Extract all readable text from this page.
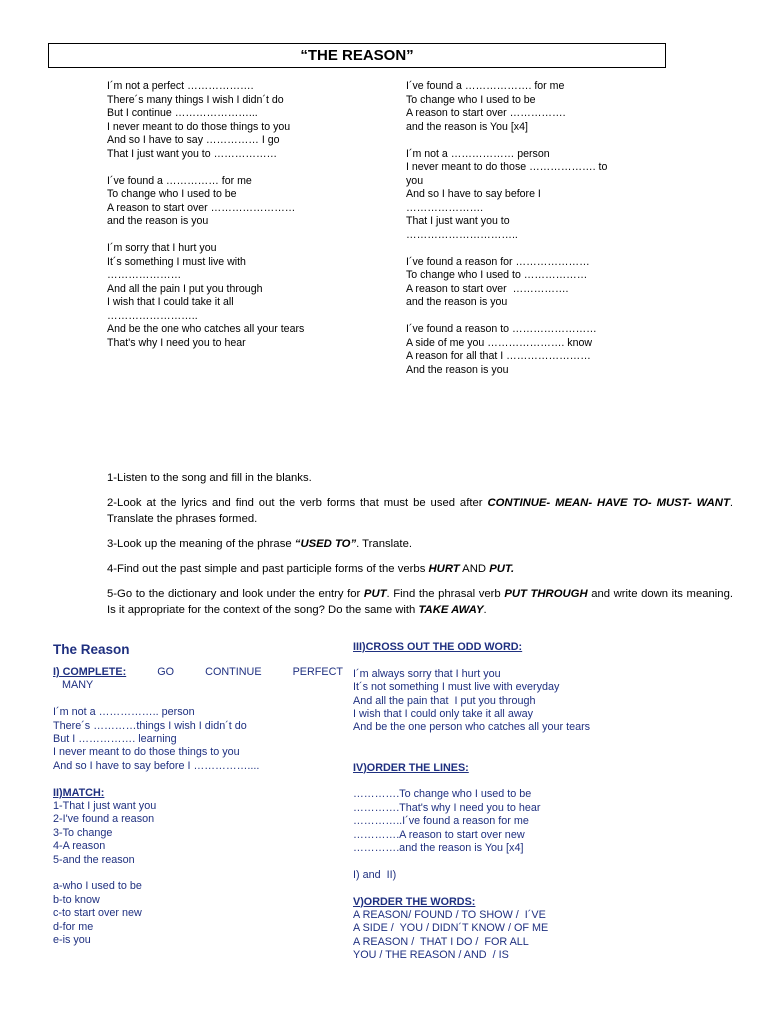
“THE REASON”
I´m not a perfect ……………….
There´s many things I wish I didn´t do
But I continue …………………...
I never meant to do those things to you
And so I have to say …………… I go
That I just want you to ………………
I´ve found a …………… for me
To change who I used to be
A reason to start over ……………………
and the reason is you
I´m sorry that I hurt you
It´s something I must live with
…………………
And all the pain I put you through
I wish that I could take it all
……………………..
And be the one who catches all your tears
That's why I need you to hear
I´ve found a ………………. for me
To change who I used to be
A reason to start over …………….
and the reason is You [x4]
I´m not a ……………… person
I never meant to do those ………………. to
you
And so I have to say before I
………………….
That I just want you to
…………………………..
I´ve found a reason for …………………
To change who I used to ………………
A reason to start over  …………….
and the reason is you
I´ve found a reason to ……………………
A side of me you …………………. know
A reason for all that I ……………………
And the reason is you

1-Listen to the song and fill in the blanks.

2-Look at the lyrics and find out the verb forms that must be used after CONTINUE- MEAN- HAVE TO- MUST- WANT. Translate the phrases formed.

3-Look up the meaning of the phrase “USED TO”. Translate.

4-Find out the past simple and past participle forms of the verbs HURT AND PUT.

5-Go to the dictionary and look under the entry for PUT. Find the phrasal verb PUT THROUGH and write down its meaning. Is it appropriate for the context of the song? Do the same with TAKE AWAY.

The Reason
I) COMPLETE:	GO	CONTINUE	PERFECT
MANY
I´m not a …………….. person
There´s …………things I wish I didn´t do
But I ……………. learning
I never meant to do those things to you
And so I have to say before I ……………....
II)MATCH:
1-That I just want you
2-I've found a reason
3-To change
4-A reason
5-and the reason
a-who I used to be
b-to know
c-to start over new
d-for me
e-is you
III)CROSS OUT THE ODD WORD:
I´m always sorry that I hurt you
It´s not something I must live with everyday
And all the pain that  I put you through
I wish that I could only take it all away
And be the one person who catches all your tears
IV)ORDER THE LINES:
………….To change who I used to be
………….That's why I need you to hear
…………..I´ve found a reason for me
………….A reason to start over new
………….and the reason is You [x4]
I) and  II)
V)ORDER THE WORDS:
A REASON/ FOUND / TO SHOW /  I´VE
A SIDE /  YOU / DIDN´T KNOW / OF ME
A REASON /  THAT I DO /  FOR ALL
YOU / THE REASON / AND  / IS
